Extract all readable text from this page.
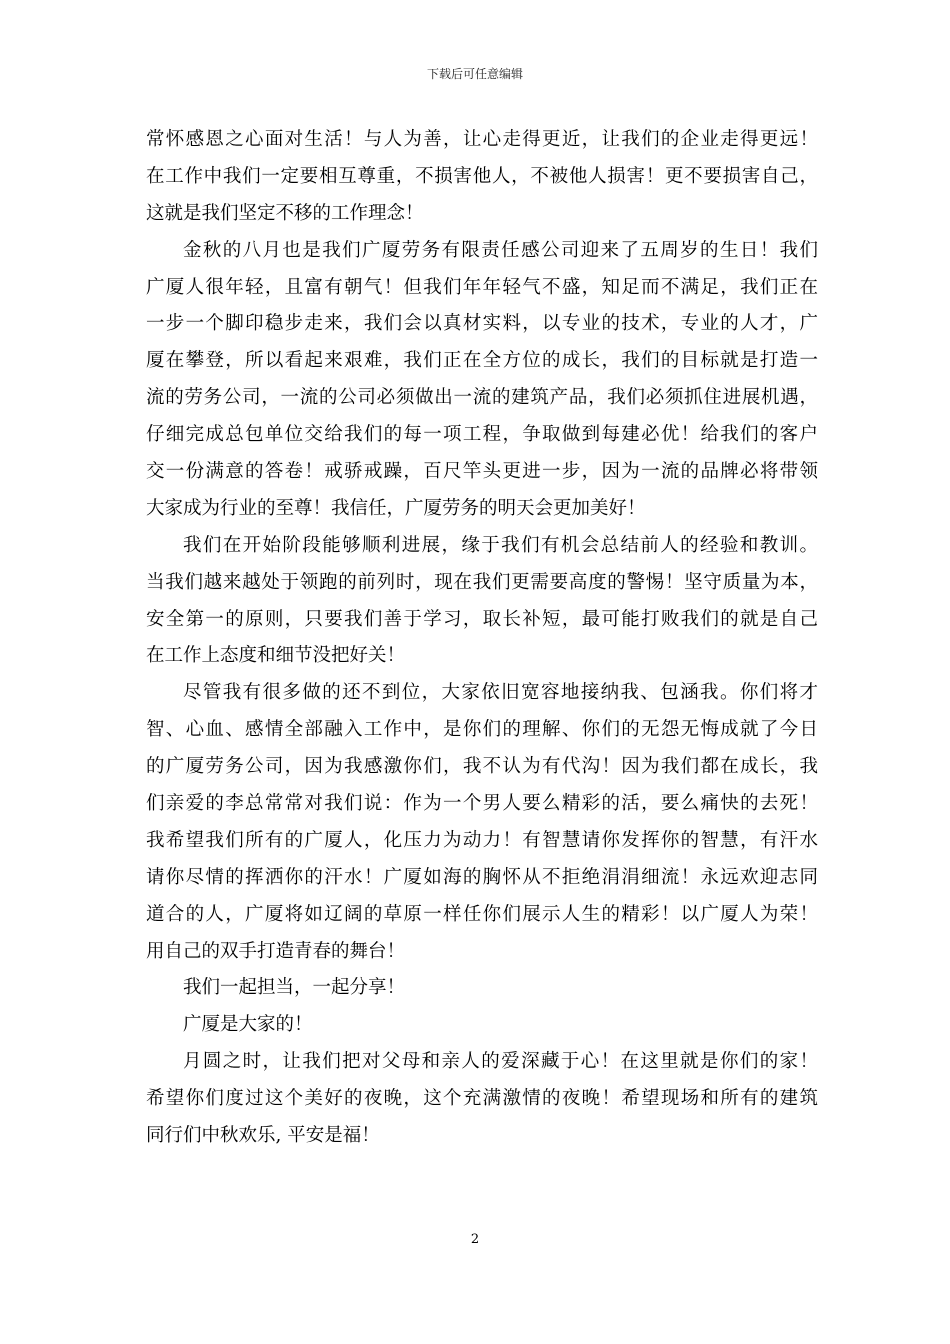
下载后可任意编辑
常怀感恩之心面对生活！与人为善，让心走得更近，让我们的企业走得更远！
在工作中我们一定要相互尊重，不损害他人，不被他人损害！更不要损害自己，
这就是我们坚定不移的工作理念！
金秋的八月也是我们广厦劳务有限责任感公司迎来了五周岁的生日！我们
广厦人很年轻，且富有朝气！但我们年年轻气不盛，知足而不满足，我们正在
一步一个脚印稳步走来，我们会以真材实料，以专业的技术，专业的人才，广
厦在攀登，所以看起来艰难，我们正在全方位的成长，我们的目标就是打造一
流的劳务公司，一流的公司必须做出一流的建筑产品，我们必须抓住进展机遇，
仔细完成总包单位交给我们的每一项工程，争取做到每建必优！给我们的客户
交一份满意的答卷！戒骄戒躁，百尺竿头更进一步，因为一流的品牌必将带领
大家成为行业的至尊！我信任，广厦劳务的明天会更加美好！
我们在开始阶段能够顺利进展，缘于我们有机会总结前人的经验和教训。
当我们越来越处于领跑的前列时，现在我们更需要高度的警惕！坚守质量为本，
安全第一的原则，只要我们善于学习，取长补短，最可能打败我们的就是自己
在工作上态度和细节没把好关！
尽管我有很多做的还不到位，大家依旧宽容地接纳我、包涵我。你们将才
智、心血、感情全部融入工作中，是你们的理解、你们的无怨无悔成就了今日
的广厦劳务公司，因为我感激你们，我不认为有代沟！因为我们都在成长，我
们亲爱的李总常常对我们说：作为一个男人要么精彩的活，要么痛快的去死！
我希望我们所有的广厦人，化压力为动力！有智慧请你发挥你的智慧，有汗水
请你尽情的挥洒你的汗水！广厦如海的胸怀从不拒绝涓涓细流！永远欢迎志同
道合的人，广厦将如辽阔的草原一样任你们展示人生的精彩！以广厦人为荣！
用自己的双手打造青春的舞台！
我们一起担当，一起分享！
广厦是大家的！
月圆之时，让我们把对父母和亲人的爱深藏于心！在这里就是你们的家！
希望你们度过这个美好的夜晚，这个充满激情的夜晚！希望现场和所有的建筑
同行们中秋欢乐, 平安是福！
2
